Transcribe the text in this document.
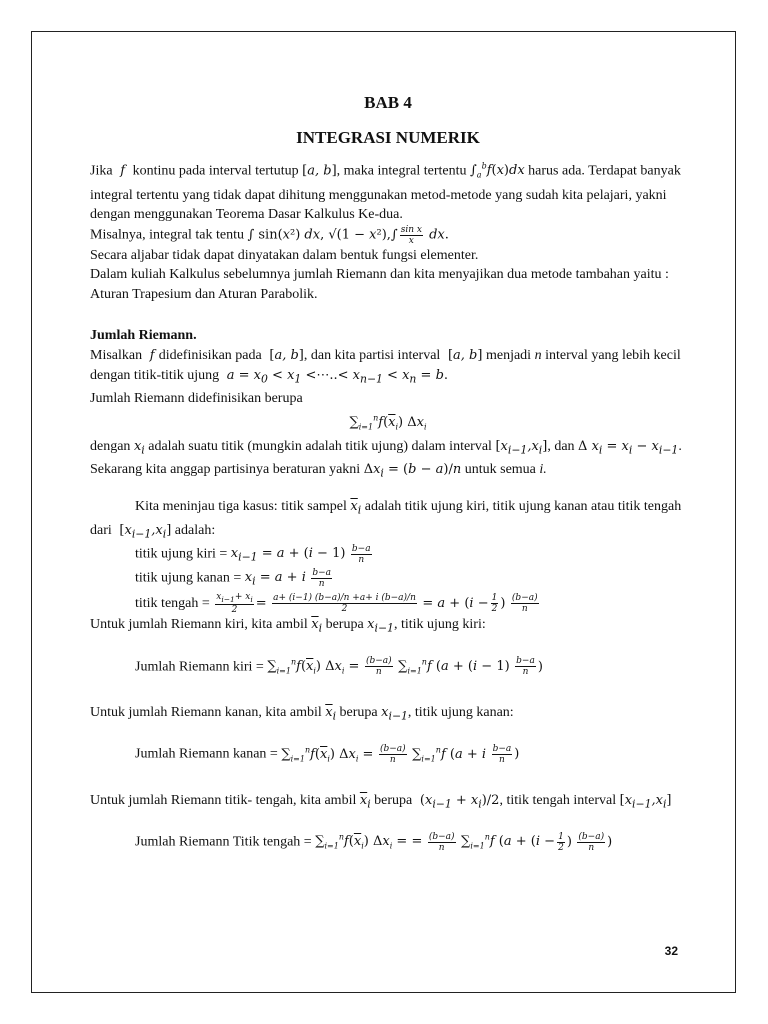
BAB 4
INTEGRASI NUMERIK

Jika  f  kontinu pada interval tertutup [a, b], maka integral tertentu $\int_a^bf(x)dx$ harus ada. Terdapat banyak integral tertentu yang tidak dapat dihitung menggunakan metod-metode yang sudah kita pelajari, yakni dengan menggunakan Teorema Dasar Kalkulus Ke-dua.

Misalnya, integral tak tentu ∫ sin(x²) dx, $√(1 - x^2),\int \frac{\text{sin x}}{x}$ dx.

Secara aljabar tidak dapat dinyatakan dalam bentuk fungsi elementer.

Dalam kuliah Kalkulus sebelumnya jumlah Riemann dan kita menyajikan dua metode tambahan yaitu : Aturan Trapesium dan Aturan Parabolik.

Jumlah Riemann.

Misalkan  f didefinisikan pada [a, b], dan kita partisi interval [a, b] menjadi n interval yang lebih kecil dengan titik-titik ujung  $a = x_0 < x_1$ <⋯..< $x_{n-1} < x_n = b$.

Jumlah Riemann didefinisikan berupa

$\sum_{i=1}^nf(\overline{x}_i)$ $\Delta x_i$

dengan $x_i$ adalah suatu titik (mungkin adalah titik ujung) dalam interval $[x_{i-1},x_i]$, dan Δ $x_i = x_i - x_{i-1}$. Sekarang kita anggap partisinya beraturan yakni $\Delta x_i = (b - a)/n$ untuk semua i.

Kita meninjau tiga kasus: titik sampel $\overline{x}_i$ adalah titik ujung kiri, titik ujung kanan atau titik tengah dari $[x_{i-1},x_i]$ adalah:

titik ujung kiri = $x_{i-1} = a + (i - 1) \frac{b-a}{n}$

titik ujung kanan = $x_i = a + i \frac{b-a}{n}$

titik tengah = $\frac{x_{i-1}+ x_i}{2} = \frac{a+ (i-1) (b-a)/n +a+ i (b-a)/n}{2} = a + (i - \frac{1}{2}$ ) $\frac{(b-a)}{n}$

Untuk jumlah Riemann kiri, kita ambil $\overline{x}_i$ berupa $x_{i-1}$, titik ujung kiri:

Jumlah Riemann kiri = $\sum_{i=1}^nf(\overline{x}_i) \Delta x_i = \frac{(b-a)}{n} \sum_{i=1}^nf$ ($a + (i - 1) \frac{b-a}{n}$ )

Untuk jumlah Riemann kanan, kita ambil $\overline{x}_i$ berupa $x_{i-1}$, titik ujung kanan:

Jumlah Riemann kanan = $\sum_{i=1}^nf(\overline{x}_i) \Delta x_i = \frac{(b-a)}{n} \sum_{i=1}^nf$ (a + i $\frac{b-a}{n}$ )

Untuk jumlah Riemann titik- tengah, kita ambil $\overline{x}_i$ berupa $(x_{i-1} + x_i)/2$, titik tengah interval $[x_{i-1},x_i]$

Jumlah Riemann Titik tengah = $\sum_{i=1}^nf(\overline{x}_i) \Delta x_i$ = = $\frac{(b-a)}{n} \sum_{i=1}^nf$ ($a + (i - \frac{1}{2}$ ) $\frac{(b-a)}{n}$ )

32
